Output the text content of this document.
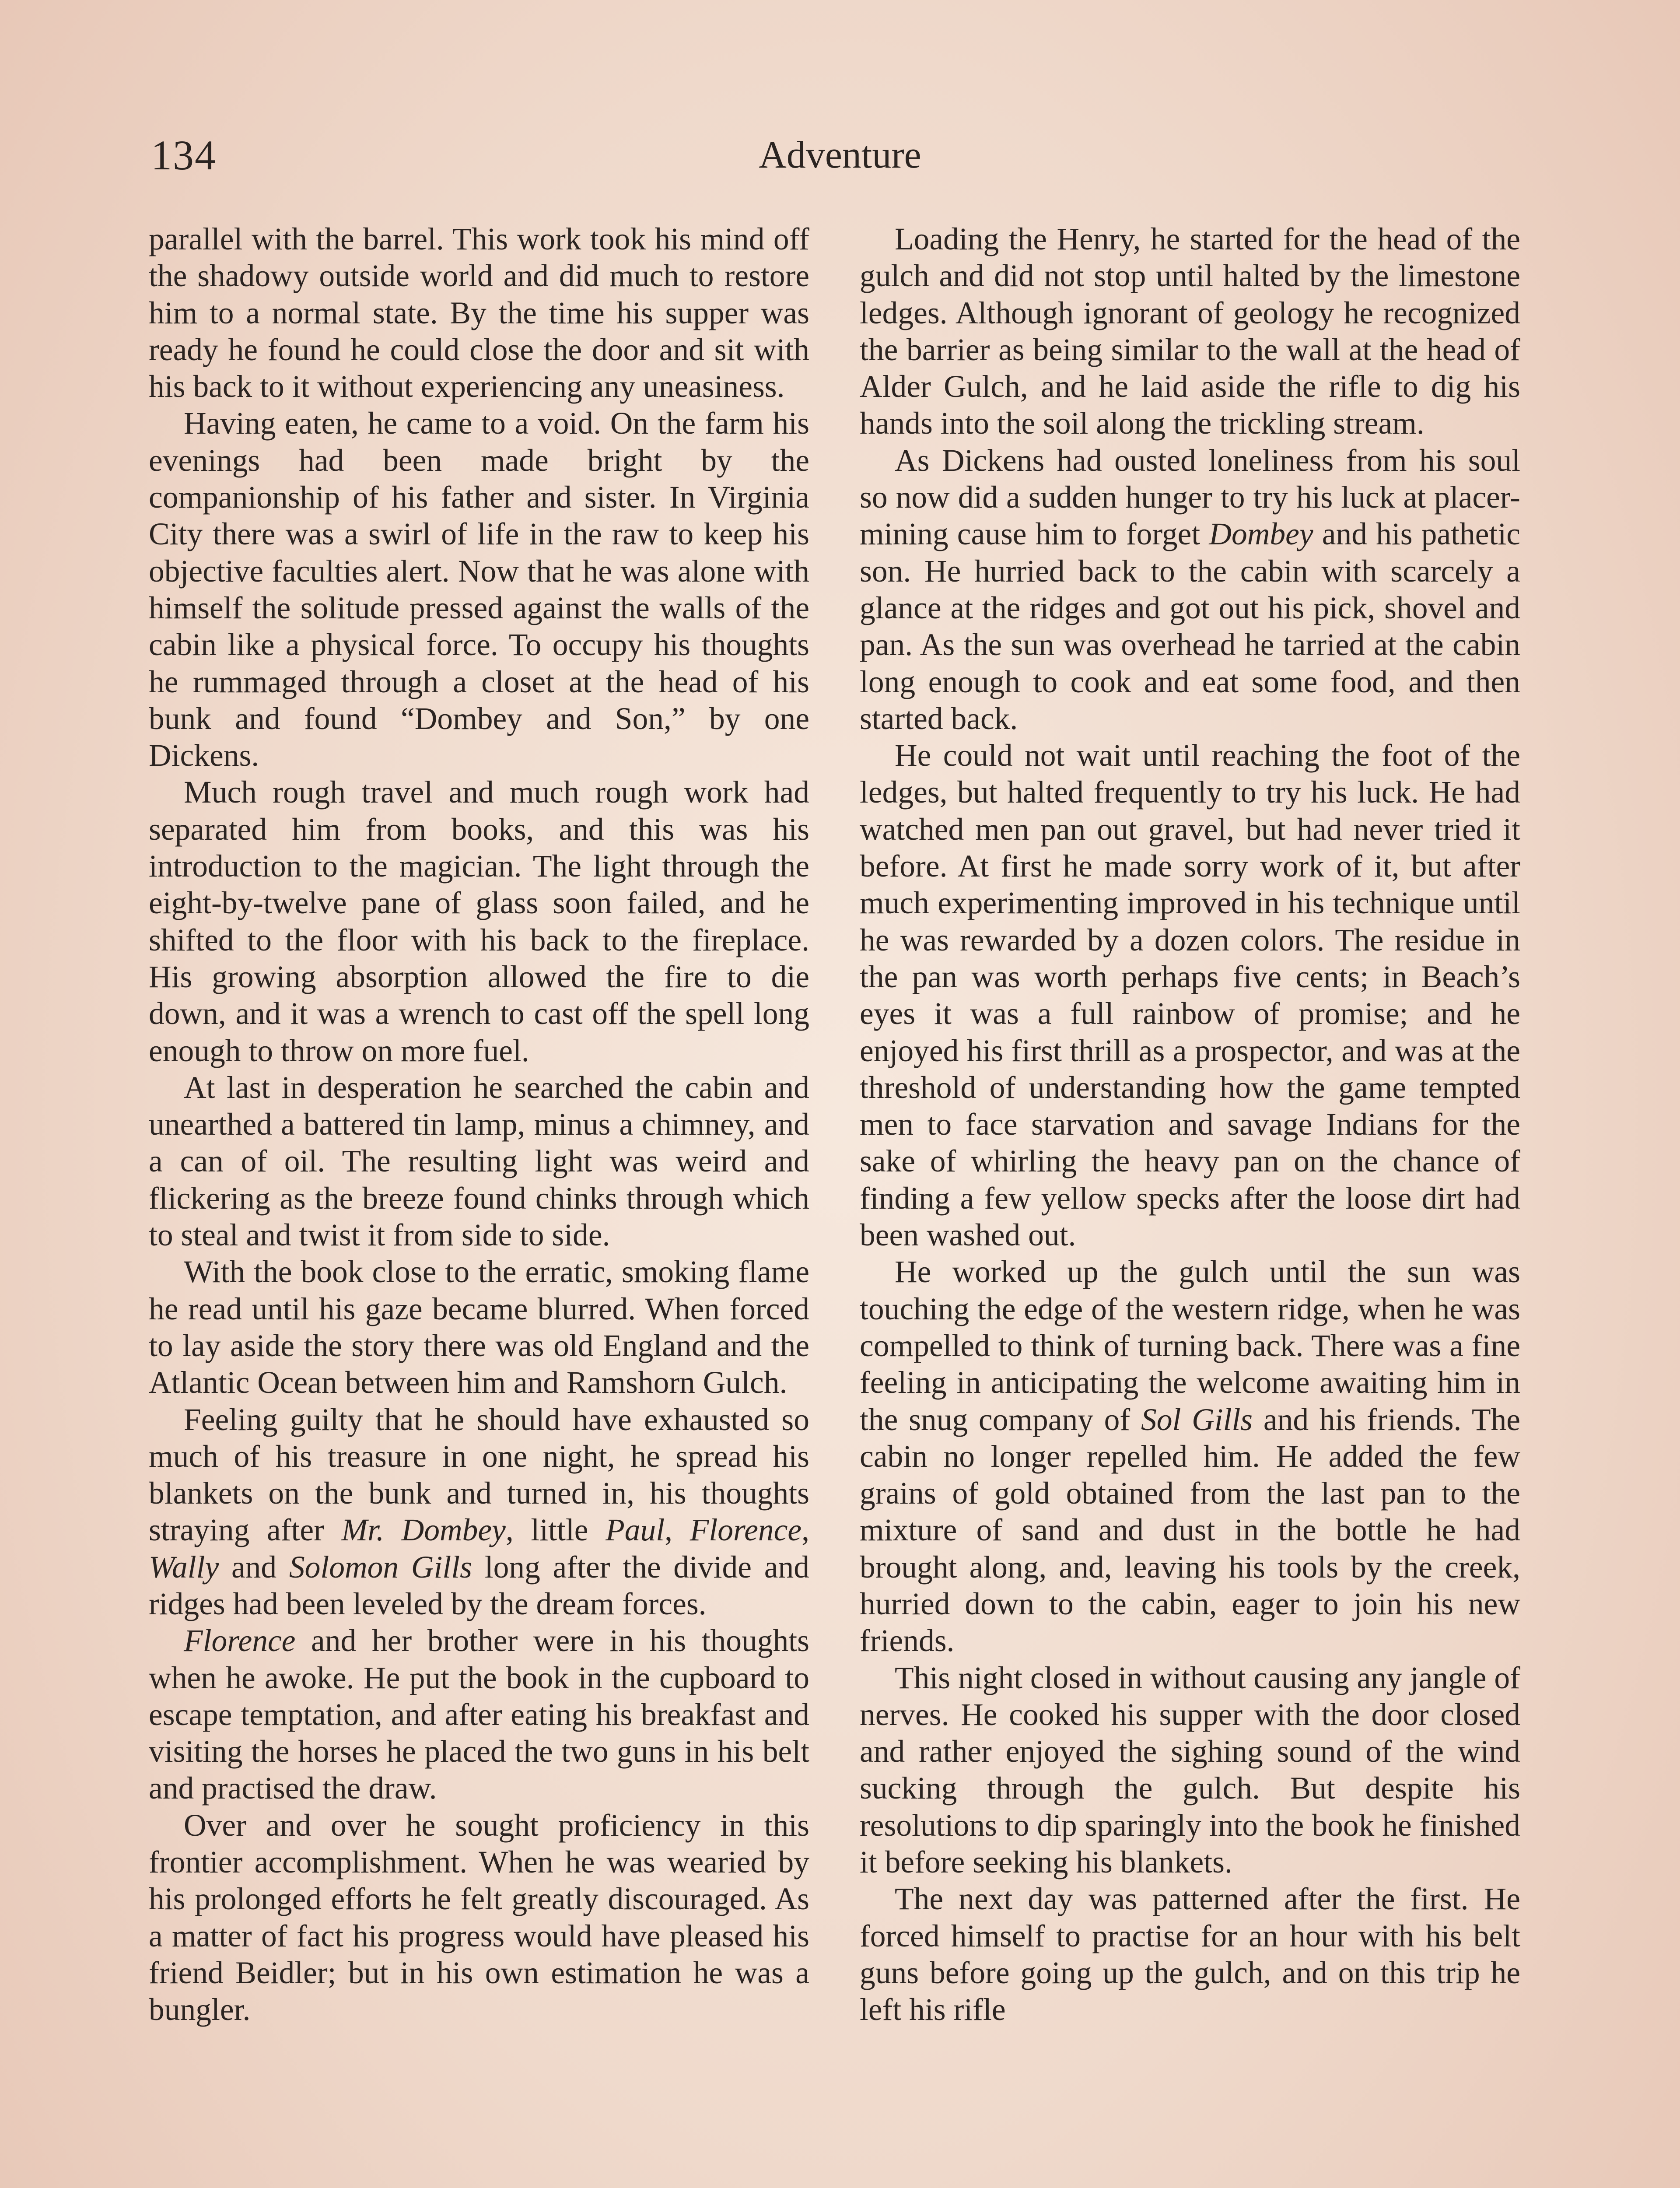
134	Adventure

parallel with the barrel. This work took his mind off the shadowy outside world and did much to restore him to a normal state. By the time his supper was ready he found he could close the door and sit with his back to it without experiencing any uneasiness.

Having eaten, he came to a void. On the farm his evenings had been made bright by the companionship of his father and sister. In Virginia City there was a swirl of life in the raw to keep his objective faculties alert. Now that he was alone with himself the solitude pressed against the walls of the cabin like a physical force. To occupy his thoughts he rummaged through a closet at the head of his bunk and found “Dombey and Son,” by one Dickens.

Much rough travel and much rough work had separated him from books, and this was his introduction to the magician. The light through the eight-by-twelve pane of glass soon failed, and he shifted to the floor with his back to the fireplace. His growing absorption allowed the fire to die down, and it was a wrench to cast off the spell long enough to throw on more fuel.

At last in desperation he searched the cabin and unearthed a battered tin lamp, minus a chimney, and a can of oil. The resulting light was weird and flickering as the breeze found chinks through which to steal and twist it from side to side.

With the book close to the erratic, smoking flame he read until his gaze became blurred. When forced to lay aside the story there was old England and the Atlantic Ocean between him and Ramshorn Gulch.

Feeling guilty that he should have exhausted so much of his treasure in one night, he spread his blankets on the bunk and turned in, his thoughts straying after Mr. Dombey, little Paul, Florence, Wally and Solomon Gills long after the divide and ridges had been leveled by the dream forces.

Florence and her brother were in his thoughts when he awoke. He put the book in the cupboard to escape temptation, and after eating his breakfast and visiting the horses he placed the two guns in his belt and practised the draw.

Over and over he sought proficiency in this frontier accomplishment. When he was wearied by his prolonged efforts he felt greatly discouraged. As a matter of fact his progress would have pleased his friend Beidler; but in his own estimation he was a bungler.

Loading the Henry, he started for the head of the gulch and did not stop until halted by the limestone ledges. Although ignorant of geology he recognized the barrier as being similar to the wall at the head of Alder Gulch, and he laid aside the rifle to dig his hands into the soil along the trickling stream.

As Dickens had ousted loneliness from his soul so now did a sudden hunger to try his luck at placer-mining cause him to forget Dombey and his pathetic son. He hurried back to the cabin with scarcely a glance at the ridges and got out his pick, shovel and pan. As the sun was overhead he tarried at the cabin long enough to cook and eat some food, and then started back.

He could not wait until reaching the foot of the ledges, but halted frequently to try his luck. He had watched men pan out gravel, but had never tried it before. At first he made sorry work of it, but after much experimenting improved in his technique until he was rewarded by a dozen colors. The residue in the pan was worth perhaps five cents; in Beach’s eyes it was a full rainbow of promise; and he enjoyed his first thrill as a prospector, and was at the threshold of understanding how the game tempted men to face starvation and savage Indians for the sake of whirling the heavy pan on the chance of finding a few yellow specks after the loose dirt had been washed out.

He worked up the gulch until the sun was touching the edge of the western ridge, when he was compelled to think of turning back. There was a fine feeling in anticipating the welcome awaiting him in the snug company of Sol Gills and his friends. The cabin no longer repelled him. He added the few grains of gold obtained from the last pan to the mixture of sand and dust in the bottle he had brought along, and, leaving his tools by the creek, hurried down to the cabin, eager to join his new friends.

This night closed in without causing any jangle of nerves. He cooked his supper with the door closed and rather enjoyed the sighing sound of the wind sucking through the gulch. But despite his resolutions to dip sparingly into the book he finished it before seeking his blankets.

The next day was patterned after the first. He forced himself to practise for an hour with his belt guns before going up the gulch, and on this trip he left his rifle
